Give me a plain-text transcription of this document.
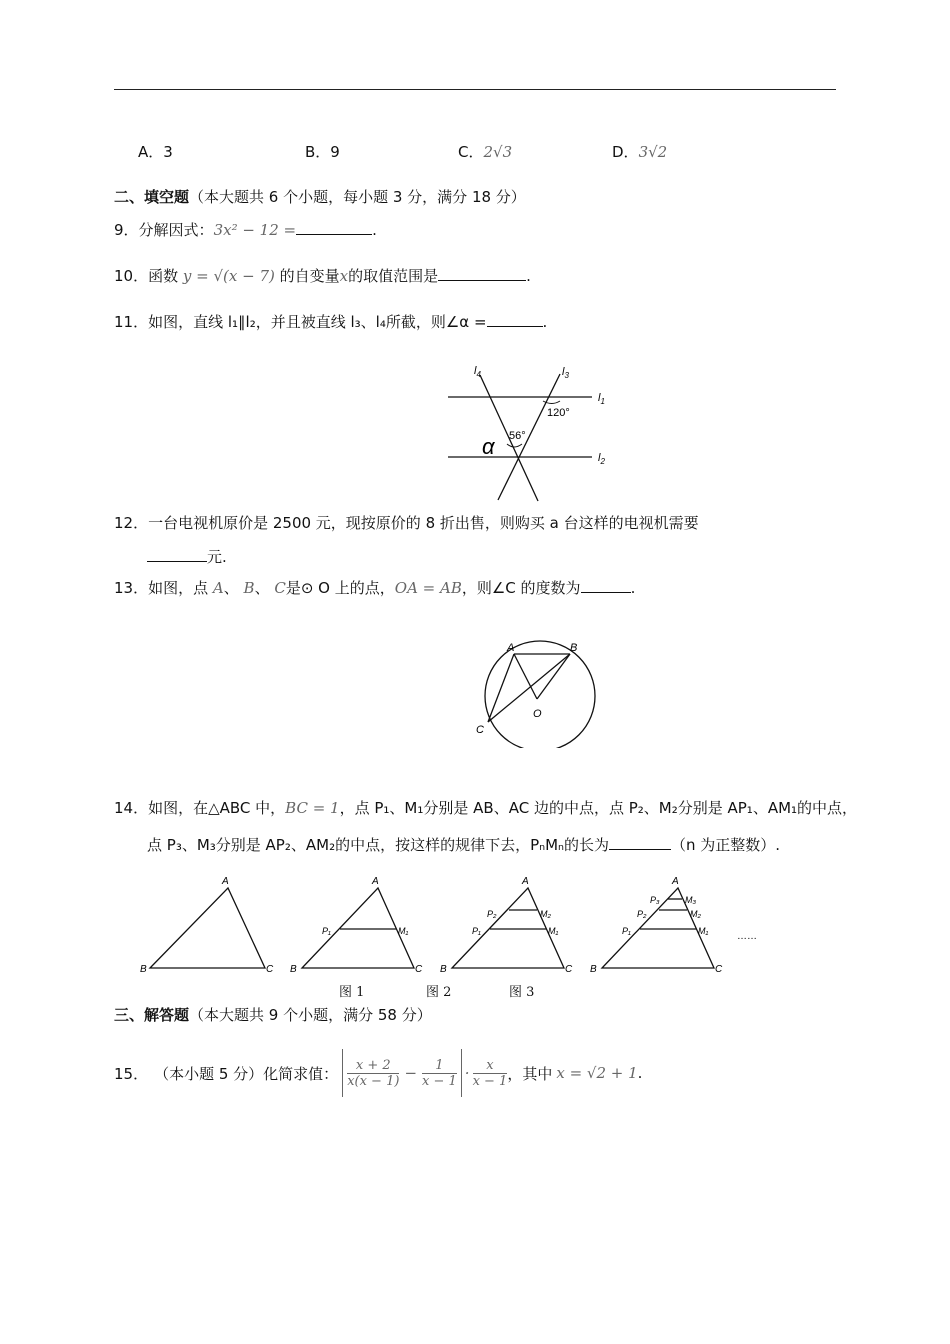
A．3	B．9	C．2√3	D．3√2
二、填空题（本大题共 6 个小题，每小题 3 分，满分 18 分）
9．分解因式：3x² − 12 =	.
10．函数 y = √(x − 7) 的自变量x的取值范围是	.
11．如图，直线 l₁∥l₂，并且被直线 l₃、l₄所截，则∠α =	.
$l_4$	$l_3$
$l_1$
$l_2$
120°
56°
α
12．一台电视机原价是 2500 元，现按原价的 8 折出售，则购买 a 台这样的电视机需要
元.
13．如图，点 A、 B、 C是⊙ O 上的点，OA = AB，则∠C 的度数为	.
A	B
C
O
14．如图，在△ABC 中，BC = 1，点 P₁、M₁分别是 AB、AC 边的中点，点 P₂、M₂分别是 AP₁、AM₁的中点，
点 P₃、M₃分别是 AP₂、AM₂的中点，按这样的规律下去，PₙMₙ的长为	（n 为正整数）.
A
B	C
A
B	C
P₁	M₁
A
B	C
P₁	M₁
P₂	M₂
A
B	C
P₁	M₁
P₂	M₂
P₃	M₃
……
图 1	图 2	图 3
三、解答题（本大题共 9 个小题，满分 58 分）
15． （本小题 5 分）化简求值： $\frac{x + 2}{x(x - 1)} - \frac{1}{x - 1} \cdot \frac{x}{x - 1}$ ，其中 x = √2 + 1 .
